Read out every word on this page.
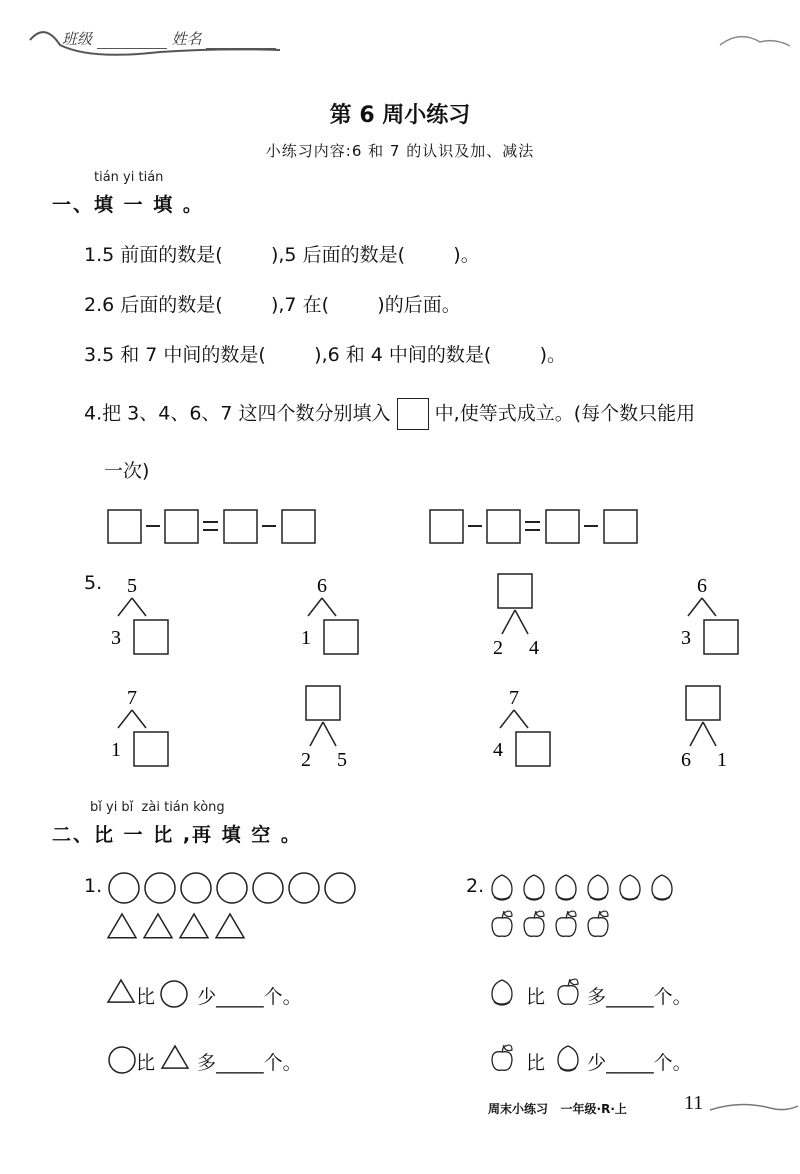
班级	姓名
第 6 周小练习
小练习内容:6 和 7 的认识及加、减法
tián yi tián
一、填 一 填 。
1.5 前面的数是(        ),5 后面的数是(        )。
2.6 后面的数是(        ),7 在(        )的后面。
3.5 和 7 中间的数是(        ),6 和 4 中间的数是(        )。
4.把 3、4、6、7 这四个数分别填入 中,使等式成立。(每个数只能用
一次)
5. 5
3
6
1	2 4
6
3
7
1	2 5
7
4	6 1
bǐ yi bǐ  zài tián kòng
二、比 一 比 ,再 填 空 。
1.	2.
比 少_____个。
比 多_____个。
比 多_____个。
比 少_____个。
周末小练习   一年级·R·上	11
